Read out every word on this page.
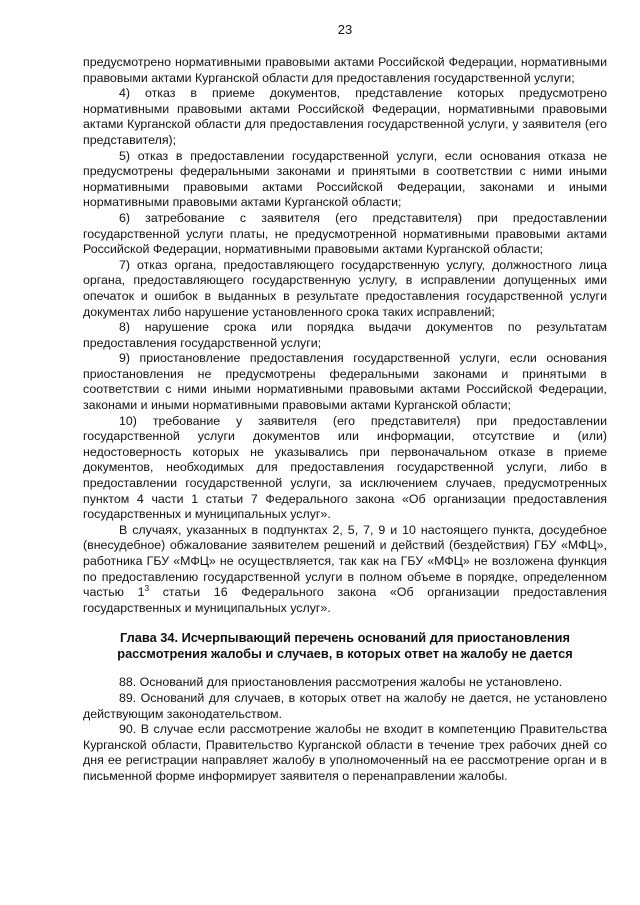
23

предусмотрено нормативными правовыми актами Российской Федерации, нормативными правовыми актами Курганской области для предоставления государственной услуги;

4) отказ в приеме документов, представление которых предусмотрено нормативными правовыми актами Российской Федерации, нормативными правовыми актами Курганской области для предоставления государственной услуги, у заявителя (его представителя);

5) отказ в предоставлении государственной услуги, если основания отказа не предусмотрены федеральными законами и принятыми в соответствии с ними иными нормативными правовыми актами Российской Федерации, законами и иными нормативными правовыми актами Курганской области;

6) затребование с заявителя (его представителя) при предоставлении государственной услуги платы, не предусмотренной нормативными правовыми актами Российской Федерации, нормативными правовыми актами Курганской области;

7) отказ органа, предоставляющего государственную услугу, должностного лица органа, предоставляющего государственную услугу, в исправлении допущенных ими опечаток и ошибок в выданных в результате предоставления государственной услуги документах либо нарушение установленного срока таких исправлений;

8) нарушение срока или порядка выдачи документов по результатам предоставления государственной услуги;

9) приостановление предоставления государственной услуги, если основания приостановления не предусмотрены федеральными законами и принятыми в соответствии с ними иными нормативными правовыми актами Российской Федерации, законами и иными нормативными правовыми актами Курганской области;

10) требование у заявителя (его представителя) при предоставлении государственной услуги документов или информации, отсутствие и (или) недостоверность которых не указывались при первоначальном отказе в приеме документов, необходимых для предоставления государственной услуги, либо в предоставлении государственной услуги, за исключением случаев, предусмотренных пунктом 4 части 1 статьи 7 Федерального закона «Об организации предоставления государственных и муниципальных услуг».

В случаях, указанных в подпунктах 2, 5, 7, 9 и 10 настоящего пункта, досудебное (внесудебное) обжалование заявителем решений и действий (бездействия) ГБУ «МФЦ», работника ГБУ «МФЦ» не осуществляется, так как на ГБУ «МФЦ» не возложена функция по предоставлению государственной услуги в полном объеме в порядке, определенном частью $1^3$ статьи 16 Федерального закона «Об организации предоставления государственных и муниципальных услуг».

Глава 34. Исчерпывающий перечень оснований для приостановления рассмотрения жалобы и случаев, в которых ответ на жалобу не дается

88. Оснований для приостановления рассмотрения жалобы не установлено.

89. Оснований для случаев, в которых ответ на жалобу не дается, не установлено действующим законодательством.

90. В случае если рассмотрение жалобы не входит в компетенцию Правительства Курганской области, Правительство Курганской области в течение трех рабочих дней со дня ее регистрации направляет жалобу в уполномоченный на ее рассмотрение орган и в письменной форме информирует заявителя о перенаправлении жалобы.
